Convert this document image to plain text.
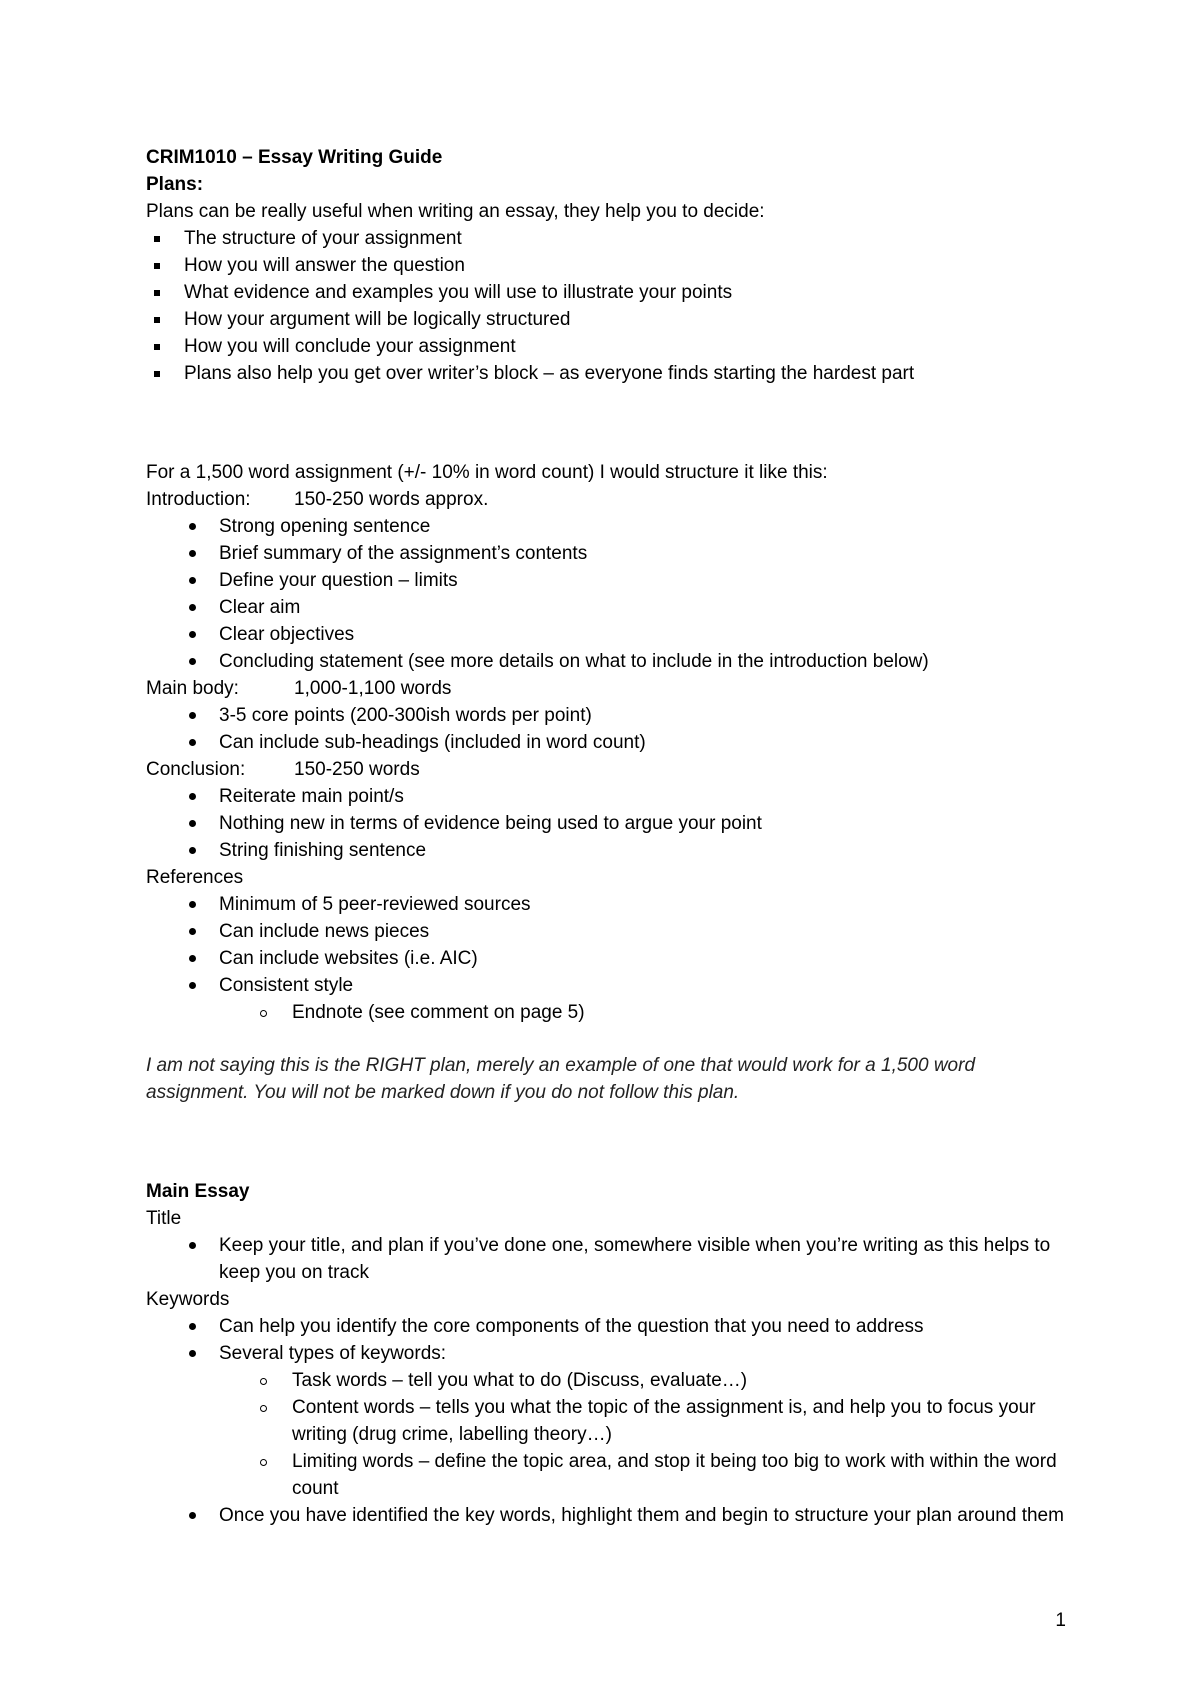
CRIM1010 – Essay Writing Guide

Plans:

Plans can be really useful when writing an essay, they help you to decide:

The structure of your assignment
How you will answer the question
What evidence and examples you will use to illustrate your points
How your argument will be logically structured
How you will conclude your assignment
Plans also help you get over writer’s block – as everyone finds starting the hardest part

For a 1,500 word assignment (+/- 10% in word count) I would structure it like this:

Introduction: 150-250 words approx.

Strong opening sentence
Brief summary of the assignment’s contents
Define your question – limits
Clear aim
Clear objectives
Concluding statement (see more details on what to include in the introduction below)

Main body:	1,000-1,100 words

3-5 core points (200-300ish words per point)
Can include sub-headings (included in word count)

Conclusion:	150-250 words

Reiterate main point/s
Nothing new in terms of evidence being used to argue your point
String finishing sentence

References

Minimum of 5 peer-reviewed sources
Can include news pieces
Can include websites (i.e. AIC)
Consistent style
Endnote (see comment on page 5)

I am not saying this is the RIGHT plan, merely an example of one that would work for a 1,500 word assignment. You will not be marked down if you do not follow this plan.

Main Essay

Title

Keep your title, and plan if you’ve done one, somewhere visible when you’re writing as this helps to keep you on track

Keywords

Can help you identify the core components of the question that you need to address
Several types of keywords:
Task words – tell you what to do (Discuss, evaluate…)
Content words – tells you what the topic of the assignment is, and help you to focus your writing (drug crime, labelling theory…)
Limiting words – define the topic area, and stop it being too big to work with within the word count
Once you have identified the key words, highlight them and begin to structure your plan around them
1
